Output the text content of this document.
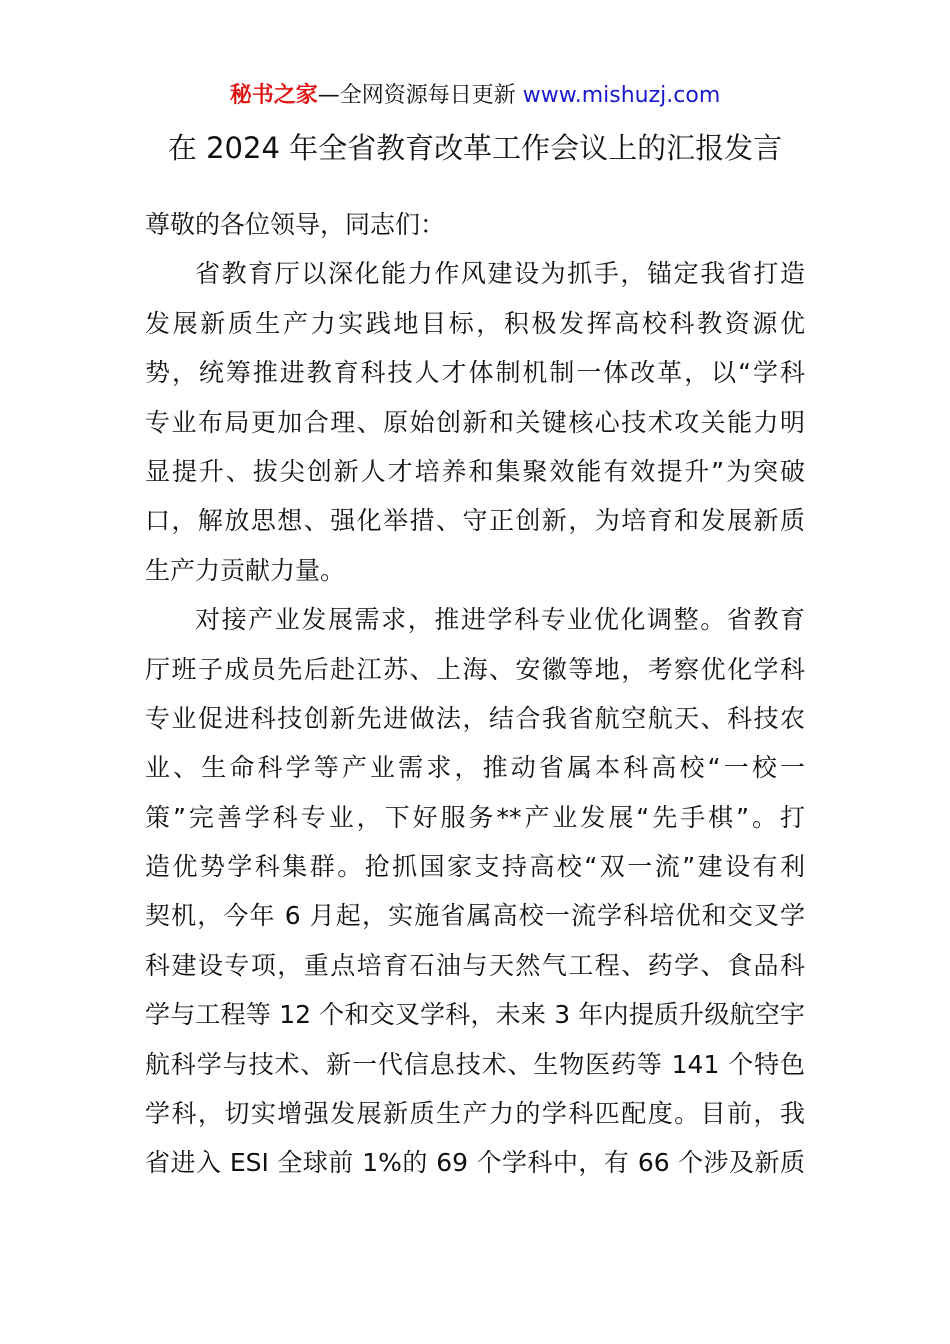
秘书之家—全网资源每日更新 www.mishuzj.com
在 2024 年全省教育改革工作会议上的汇报发言
尊敬的各位领导，同志们：
省教育厅以深化能力作风建设为抓手，锚定我省打造
发展新质生产力实践地目标，积极发挥高校科教资源优
势，统筹推进教育科技人才体制机制一体改革，以“学科
专业布局更加合理、原始创新和关键核心技术攻关能力明
显提升、拔尖创新人才培养和集聚效能有效提升”为突破
口，解放思想、强化举措、守正创新，为培育和发展新质
生产力贡献力量。
对接产业发展需求，推进学科专业优化调整。省教育
厅班子成员先后赴江苏、上海、安徽等地，考察优化学科
专业促进科技创新先进做法，结合我省航空航天、科技农
业、生命科学等产业需求，推动省属本科高校“一校一
策”完善学科专业，下好服务**产业发展“先手棋”。打
造优势学科集群。抢抓国家支持高校“双一流”建设有利
契机，今年 6 月起，实施省属高校一流学科培优和交叉学
科建设专项，重点培育石油与天然气工程、药学、食品科
学与工程等 12 个和交叉学科，未来 3 年内提质升级航空宇
航科学与技术、新一代信息技术、生物医药等 141 个特色
学科，切实增强发展新质生产力的学科匹配度。目前，我
省进入 ESI 全球前 1%的 69 个学科中，有 66 个涉及新质
